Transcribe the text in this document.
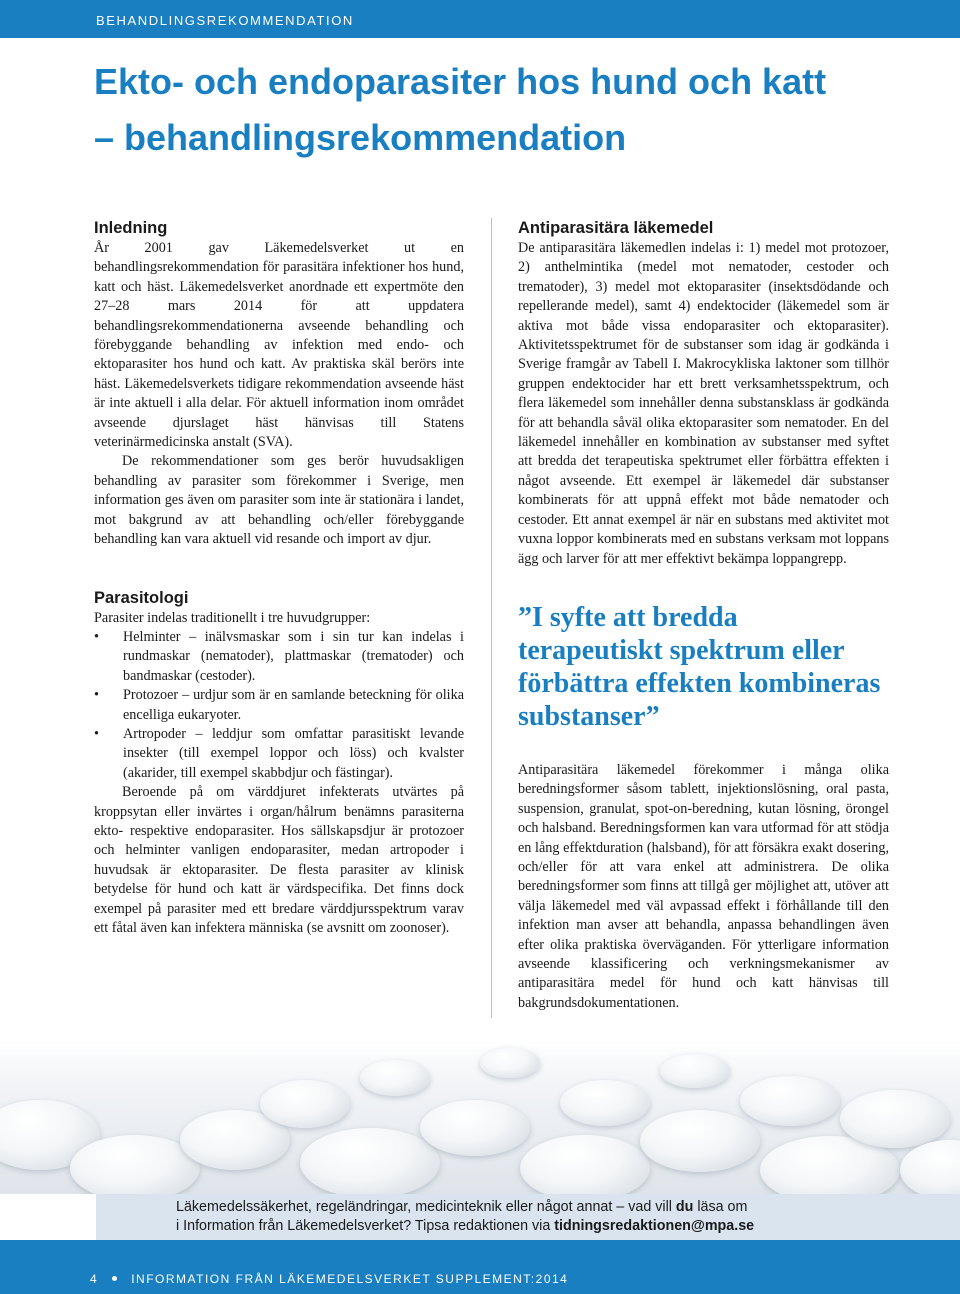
BEHANDLINGSREKOMMENDATION
Ekto- och endoparasiter hos hund och katt
– behandlingsrekommendation
Inledning

År 2001 gav Läkemedelsverket ut en behandlingsrekommendation för parasitära infektioner hos hund, katt och häst. Läkemedelsverket anordnade ett expertmöte den 27–28 mars 2014 för att uppdatera behandlingsrekommendationerna avseende behandling och förebyggande behandling av infektion med endo- och ektoparasiter hos hund och katt. Av praktiska skäl berörs inte häst. Läkemedelsverkets tidigare rekommendation avseende häst är inte aktuell i alla delar. För aktuell information inom området avseende djurslaget häst hänvisas till Statens veterinärmedicinska anstalt (SVA).

De rekommendationer som ges berör huvudsakligen behandling av parasiter som förekommer i Sverige, men information ges även om parasiter som inte är stationära i landet, mot bakgrund av att behandling och/eller förebyggande behandling kan vara aktuell vid resande och import av djur.

Parasitologi

Parasiter indelas traditionellt i tre huvudgrupper:

• Helminter – inälvsmaskar som i sin tur kan indelas i rundmaskar (nematoder), plattmaskar (trematoder) och bandmaskar (cestoder).
• Protozoer – urdjur som är en samlande beteckning för olika encelliga eukaryoter.
• Artropoder – leddjur som omfattar parasitiskt levande insekter (till exempel loppor och löss) och kvalster (akarider, till exempel skabbdjur och fästingar).

Beroende på om värddjuret infekterats utvärtes på kroppsytan eller invärtes i organ/hålrum benämns parasiterna ekto- respektive endoparasiter. Hos sällskapsdjur är protozoer och helminter vanligen endoparasiter, medan artropoder i huvudsak är ektoparasiter. De flesta parasiter av klinisk betydelse för hund och katt är värdspecifika. Det finns dock exempel på parasiter med ett bredare värddjursspektrum varav ett fåtal även kan infektera människa (se avsnitt om zoonoser).

Antiparasitära läkemedel

De antiparasitära läkemedlen indelas i: 1) medel mot protozoer, 2) anthelmintika (medel mot nematoder, cestoder och trematoder), 3) medel mot ektoparasiter (insektsdödande och repellerande medel), samt 4) endektocider (läkemedel som är aktiva mot både vissa endoparasiter och ektoparasiter). Aktivitetsspektrumet för de substanser som idag är godkända i Sverige framgår av Tabell I. Makrocykliska laktoner som tillhör gruppen endektocider har ett brett verksamhetsspektrum, och flera läkemedel som innehåller denna substansklass är godkända för att behandla såväl olika ektoparasiter som nematoder. En del läkemedel innehåller en kombination av substanser med syftet att bredda det terapeutiska spektrumet eller förbättra effekten i något avseende. Ett exempel är läkemedel där substanser kombinerats för att uppnå effekt mot både nematoder och cestoder. Ett annat exempel är när en substans med aktivitet mot vuxna loppor kombinerats med en substans verksam mot loppans ägg och larver för att mer effektivt bekämpa loppangrepp.

”I syfte att bredda terapeutiskt spektrum eller förbättra effekten kombineras substanser”

Antiparasitära läkemedel förekommer i många olika beredningsformer såsom tablett, injektionslösning, oral pasta, suspension, granulat, spot-on-beredning, kutan lösning, örongel och halsband. Beredningsformen kan vara utformad för att stödja en lång effektduration (halsband), för att försäkra exakt dosering, och/eller för att vara enkel att administrera. De olika beredningsformer som finns att tillgå ger möjlighet att, utöver att välja läkemedel med väl avpassad effekt i förhållande till den infektion man avser att behandla, anpassa behandlingen även efter olika praktiska överväganden. För ytterligare information avseende klassificering och verkningsmekanismer av antiparasitära medel för hund och katt hänvisas till bakgrundsdokumentationen.

Läkemedelssäkerhet, regeländringar, medicinteknik eller något annat – vad vill du läsa om
i Information från Läkemedelsverket? Tipsa redaktionen via tidningsredaktionen@mpa.se
4	INFORMATION FRÅN LÄKEMEDELSVERKET SUPPLEMENT:2014
